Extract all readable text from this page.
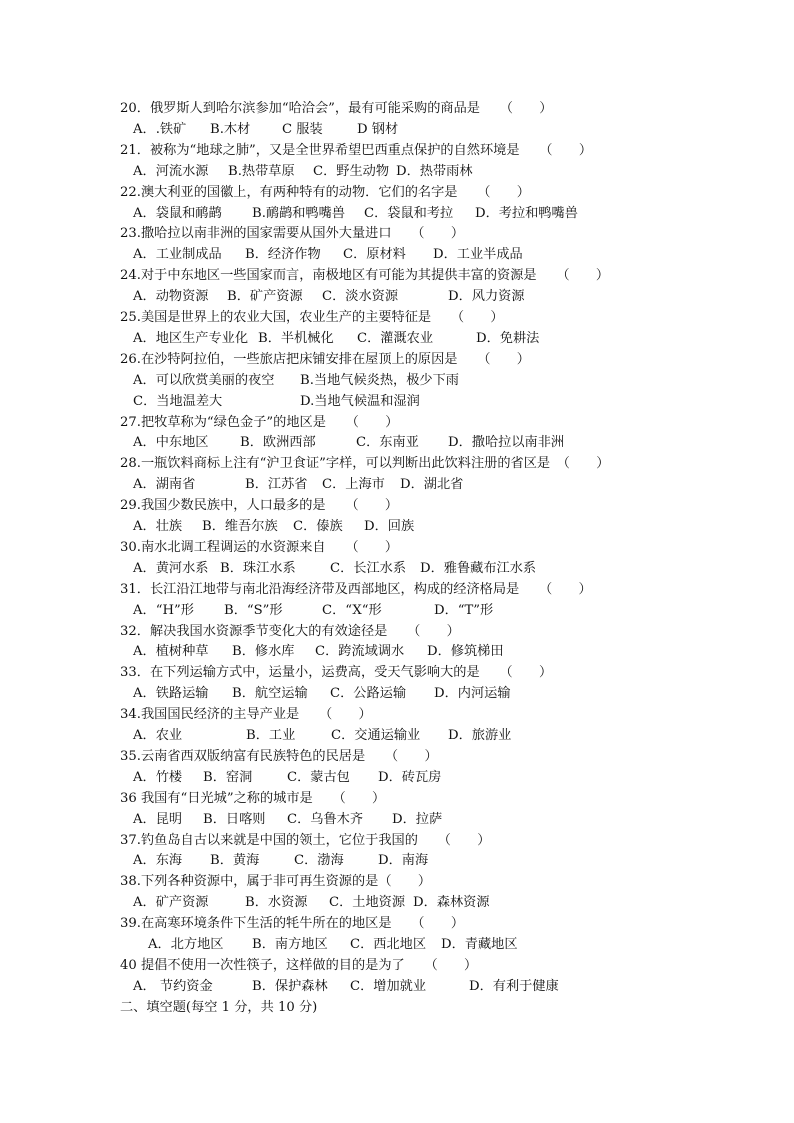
20．俄罗斯人到哈尔滨参加“哈洽会”，最有可能采购的商品是　　（　　）
A．.铁矿 B.木材 C 服装	D 钢材
21．被称为“地球之肺”，又是全世界希望巴西重点保护的自然环境是　　（　　）
A．河流水源 B.热带草原 C．野生动物 D．热带雨林
22.澳大利亚的国徽上，有两种特有的动物．它们的名字是　　（　　）
A．袋鼠和鸸鹋 B.鸸鹋和鸭嘴兽 C．袋鼠和考拉 D．考拉和鸭嘴兽
23.撒哈拉以南非洲的国家需要从国外大量进口　　（　　）
A．工业制成品 B．经济作物 C．原材料 D．工业半成品
24.对于中东地区一些国家而言，南极地区有可能为其提供丰富的资源是　　（　　）
A．动物资源 B．矿产资源 C．淡水资源	D．风力资源
25.美国是世界上的农业大国，农业生产的主要特征是　　（　　）
A．地区生产专业化 B．半机械化 C．灌溉农业	D．免耕法
26.在沙特阿拉伯，一些旅店把床铺安排在屋顶上的原因是　　（　　）
A．可以欣赏美丽的夜空 B.当地气候炎热，极少下雨
C．当地温差大	D.当地气候温和湿润
27.把牧草称为“绿色金子”的地区是　　（　　）
A．中东地区 B．欧洲西部	C．东南亚 D．撒哈拉以南非洲
28.一瓶饮料商标上注有“沪卫食证”字样，可以判断出此饮料注册的省区是　（　　）
A．湖南省	B．江苏省 C．上海市 D．湖北省
29.我国少数民族中，人口最多的是　　（　　）
A．壮族 B．维吾尔族 C．傣族 D．回族
30.南水北调工程调运的水资源来自　　（　　）
A．黄河水系 B．珠江水系	C．长江水系 D．雅鲁藏布江水系
31．长江沿江地带与南北沿海经济带及西部地区，构成的经济格局是　　（　　）
A．“H”形 B．“S”形	C．“X“形	D．“T”形
32．解决我国水资源季节变化大的有效途径是　　（　　）
A．植树种草 B．修水库 C．跨流域调水 D．修筑梯田
33．在下列运输方式中，运量小，运费高，受天气影响大的是　　（　　）
A．铁路运输 B．航空运输 C．公路运输 D．内河运输
34.我国国民经济的主导产业是　　（　　）
A．农业	B．工业	C．交通运输业 D．旅游业
35.云南省西双版纳富有民族特色的民居是　　（　　）
A．竹楼 B．窑洞	C．蒙古包 D．砖瓦房
36 我国有“日光城”之称的城市是　　（　　）
A．昆明 B．日喀则 C．乌鲁木齐 D．拉萨
37.钓鱼岛自古以来就是中国的领土，它位于我国的　　（　　）
A．东海 B．黄海	C．渤海	D．南海
38.下列各种资源中，属于非可再生资源的是（　　）
A．矿产资源	B．水资源 C．土地资源 D．森林资源
39.在高寒环境条件下生活的牦牛所在的地区是　　（　　）
A．北方地区 B．南方地区 C．西北地区 D．青藏地区
40 提倡不使用一次性筷子，这样做的目的是为了　　（　　）
A． 节约资金	B．保护森林 C．增加就业	D．有利于健康
二、填空题(每空 1 分，共 10 分)
